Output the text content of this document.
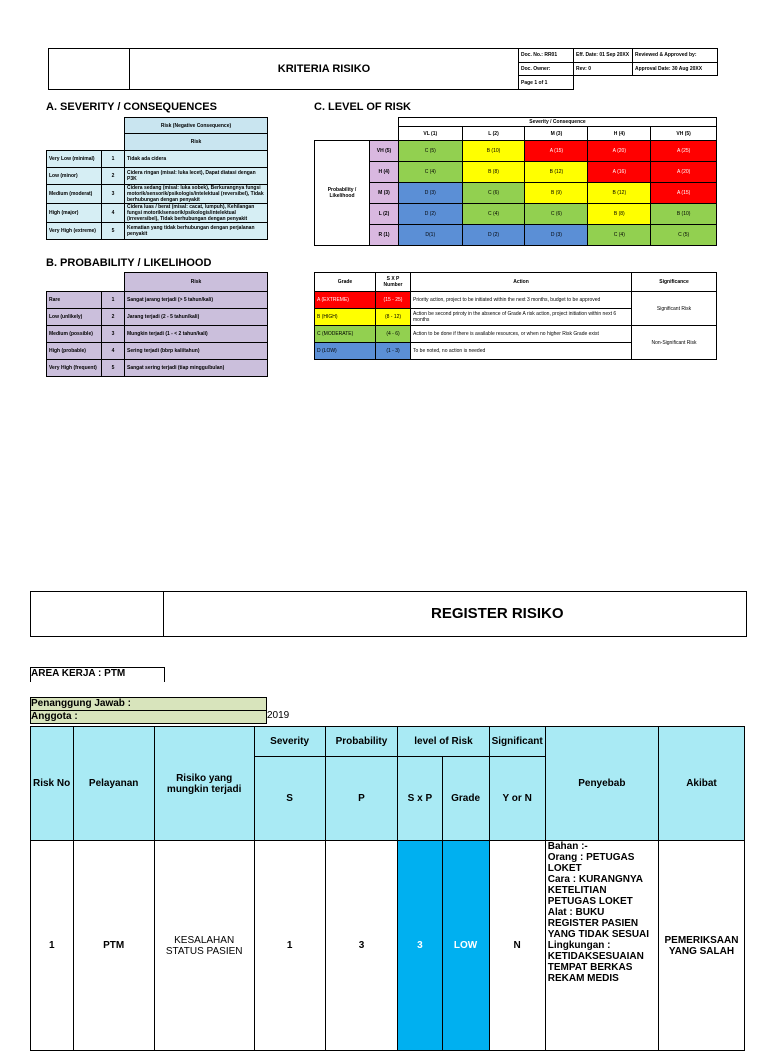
	KRITERIA RISIKO	Doc. No.: RR01	Eff. Date: 01 Sep 20XX	Reviewed & Approved by:
		Doc. Owner:	Rev: 0	Approval Date: 30 Aug 20XX
		Page 1 of 1		
A. SEVERITY / CONSEQUENCES
		Risk (Negative Consequence)
		Risk
Very Low (minimal)	1	Tidak ada cidera
Low (minor)	2	Cidera ringan (misal: luka lecet), Dapat diatasi dengan P3K
Medium (moderat)	3	Cidera sedang (misal: luka sobek), Berkurangnya fungsi motorik/sensorik/psikologis/intelektual (reversibel), Tidak berhubungan dengan penyakit
High (major)	4	Cidera luas / berat (misal: cacat, lumpuh), Kehilangan fungsi motorik/sensorik/psikologis/intelektual (irreversibel), Tidak berhubungan dengan penyakit
Very High (extreme)	5	Kematian yang tidak berhubungan dengan perjalanan penyakit
C. LEVEL OF RISK
		Severity / Consequence				
		VL (1)	L (2)	M (3)	H (4)	VH (5)
Probability / Likelihood	VH (5)	C (5)	B (10)	A (15)	A (20)	A (25)
	H (4)	C (4)	B (8)	B (12)	A (16)	A (20)
	M (3)	D (3)	C (6)	B (9)	B (12)	A (15)
	L (2)	D (2)	C (4)	C (6)	B (8)	B (10)
	R (1)	D(1)	D (2)	D (3)	C (4)	C (5)
B. PROBABILITY / LIKELIHOOD
		Risk
Rare	1	Sangat jarang terjadi (> 5 tahun/kali)
Low (unlikely)	2	Jarang terjadi (2 - 5 tahun/kali)
Medium (possible)	3	Mungkin terjadi (1 - < 2 tahun/kali)
High (probable)	4	Sering terjadi (bbrp kali/tahun)
Very High (frequent)	5	Sangat sering terjadi (tiap minggu/bulan)
Grade	S X P Number	Action	Significance
A (EXTREME)	(15 - 25)	Priority action, project to be initiated within the next 3 months, budget to be approved	Significant Risk
B (HIGH)	(8 - 12)	Action be second priroty in the absence of Grade A risk action, project initiation within next 6 months	
C (MODERATE)	(4 - 6)	Action to be done if there is available resources, or when no higher Risk Grade exist	Non-Significant Risk
D (LOW)	(1 - 3)	To be noted, no action is needed	
REGISTER RISIKO
AREA KERJA : PTM
Penanggung Jawab :
Anggota :	2019
Risk No	Pelayanan	Risiko yang mungkin terjadi	Severity	Probability	level of Risk		Significant	Penyebab	Akibat
			S	P	S x P	Grade	Y or N		
1	PTM	KESALAHAN STATUS PASIEN	1	3	3	LOW	N	Bahan :-
Orang : PETUGAS LOKET
Cara : KURANGNYA KETELITIAN PETUGAS LOKET
Alat : BUKU REGISTER PASIEN YANG TIDAK SESUAI
Lingkungan : KETIDAKSESUAIAN TEMPAT BERKAS REKAM MEDIS	PEMERIKSAAN YANG SALAH
